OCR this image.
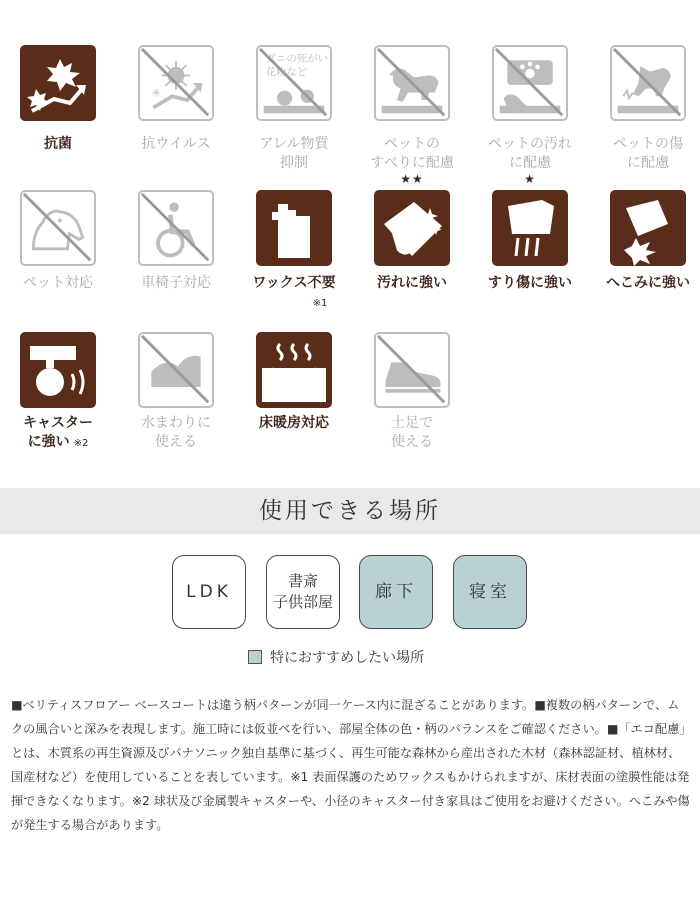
抗菌
✳
抗ウイルス
ダニの死がい
花粉など
アレル物質
抑制
ペットの
すべりに配慮
ペットの汚れ
に配慮
ペットの傷
に配慮
ペット対応	車椅子対応
WAX
不要
ワックス不要
※1
★★
汚れに強い
★
すり傷に強い	へこみに強い
キャスター
に強い ※2
水まわりに
使える
床暖房対応	土足で
使える
使用できる場所
LDK
書斎
子供部屋
廊下	寝室
特におすすめしたい場所

■ベリティスフロアー ベースコートは違う柄パターンが同一ケース内に混ざることがあります。■複数の柄パターンで、ムクの風合いと深みを表現します。施工時には仮並べを行い、部屋全体の色・柄のバランスをご確認ください。■「エコ配慮」とは、木質系の再生資源及びパナソニック独自基準に基づく、再生可能な森林から産出された木材（森林認証材、植林材、国産材など）を使用していることを表しています。※1 表面保護のためワックスもかけられますが、床材表面の塗膜性能は発揮できなくなります。※2 球状及び金属製キャスターや、小径のキャスター付き家具はご使用をお避けください。へこみや傷が発生する場合があります。
